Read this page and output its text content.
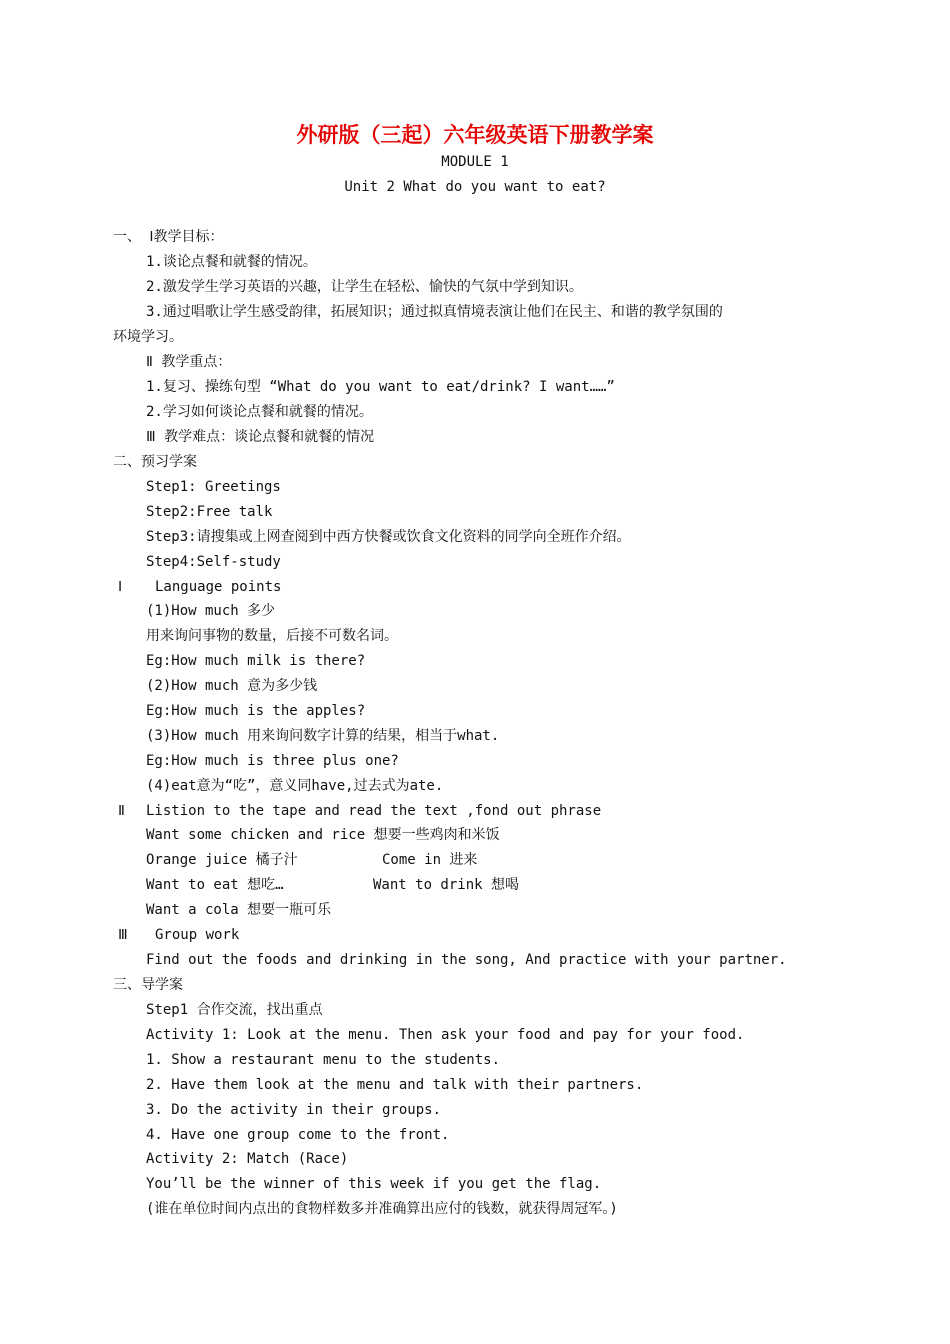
外研版（三起）六年级英语下册教学案
MODULE 1
Unit 2 What do you want to eat?
一、 Ⅰ教学目标：
1.谈论点餐和就餐的情况。
2.激发学生学习英语的兴趣，让学生在轻松、愉快的气氛中学到知识。
3.通过唱歌让学生感受韵律，拓展知识；通过拟真情境表演让他们在民主、和谐的教学氛围的
环境学习。
Ⅱ 教学重点：
1.复习、操练句型 “What do you want to eat/drink? I want……”
2.学习如何谈论点餐和就餐的情况。
Ⅲ 教学难点：谈论点餐和就餐的情况
二、预习学案
Step1: Greetings
Step2:Free talk
Step3:请搜集或上网查阅到中西方快餐或饮食文化资料的同学向全班作介绍。
Step4:Self-study
Ⅰ Language points
(1)How much 多少
用来询问事物的数量，后接不可数名词。
Eg:How much milk is there?
(2)How much 意为多少钱
Eg:How much is the apples?
(3)How much 用来询问数字计算的结果，相当于what.
Eg:How much is three plus one?
(4)eat意为“吃”，意义同have,过去式为ate.
Ⅱ Listion to the tape and read the text ,fond out phrase
Want some chicken and rice 想要一些鸡肉和米饭
Orange juice 橘子汁	Come in 进来
Want to eat 想吃…	Want to drink 想喝
Want a cola 想要一瓶可乐
Ⅲ Group work
Find out the foods and drinking in the song, And practice with your partner.
三、导学案
Step1 合作交流，找出重点
Activity 1: Look at the menu. Then ask your food and pay for your food.
1. Show a restaurant menu to the students.
2. Have them look at the menu and talk with their partners.
3. Do the activity in their groups.
4. Have one group come to the front.
Activity 2: Match (Race)
You’ll be the winner of this week if you get the flag.
(谁在单位时间内点出的食物样数多并准确算出应付的钱数，就获得周冠军。)
